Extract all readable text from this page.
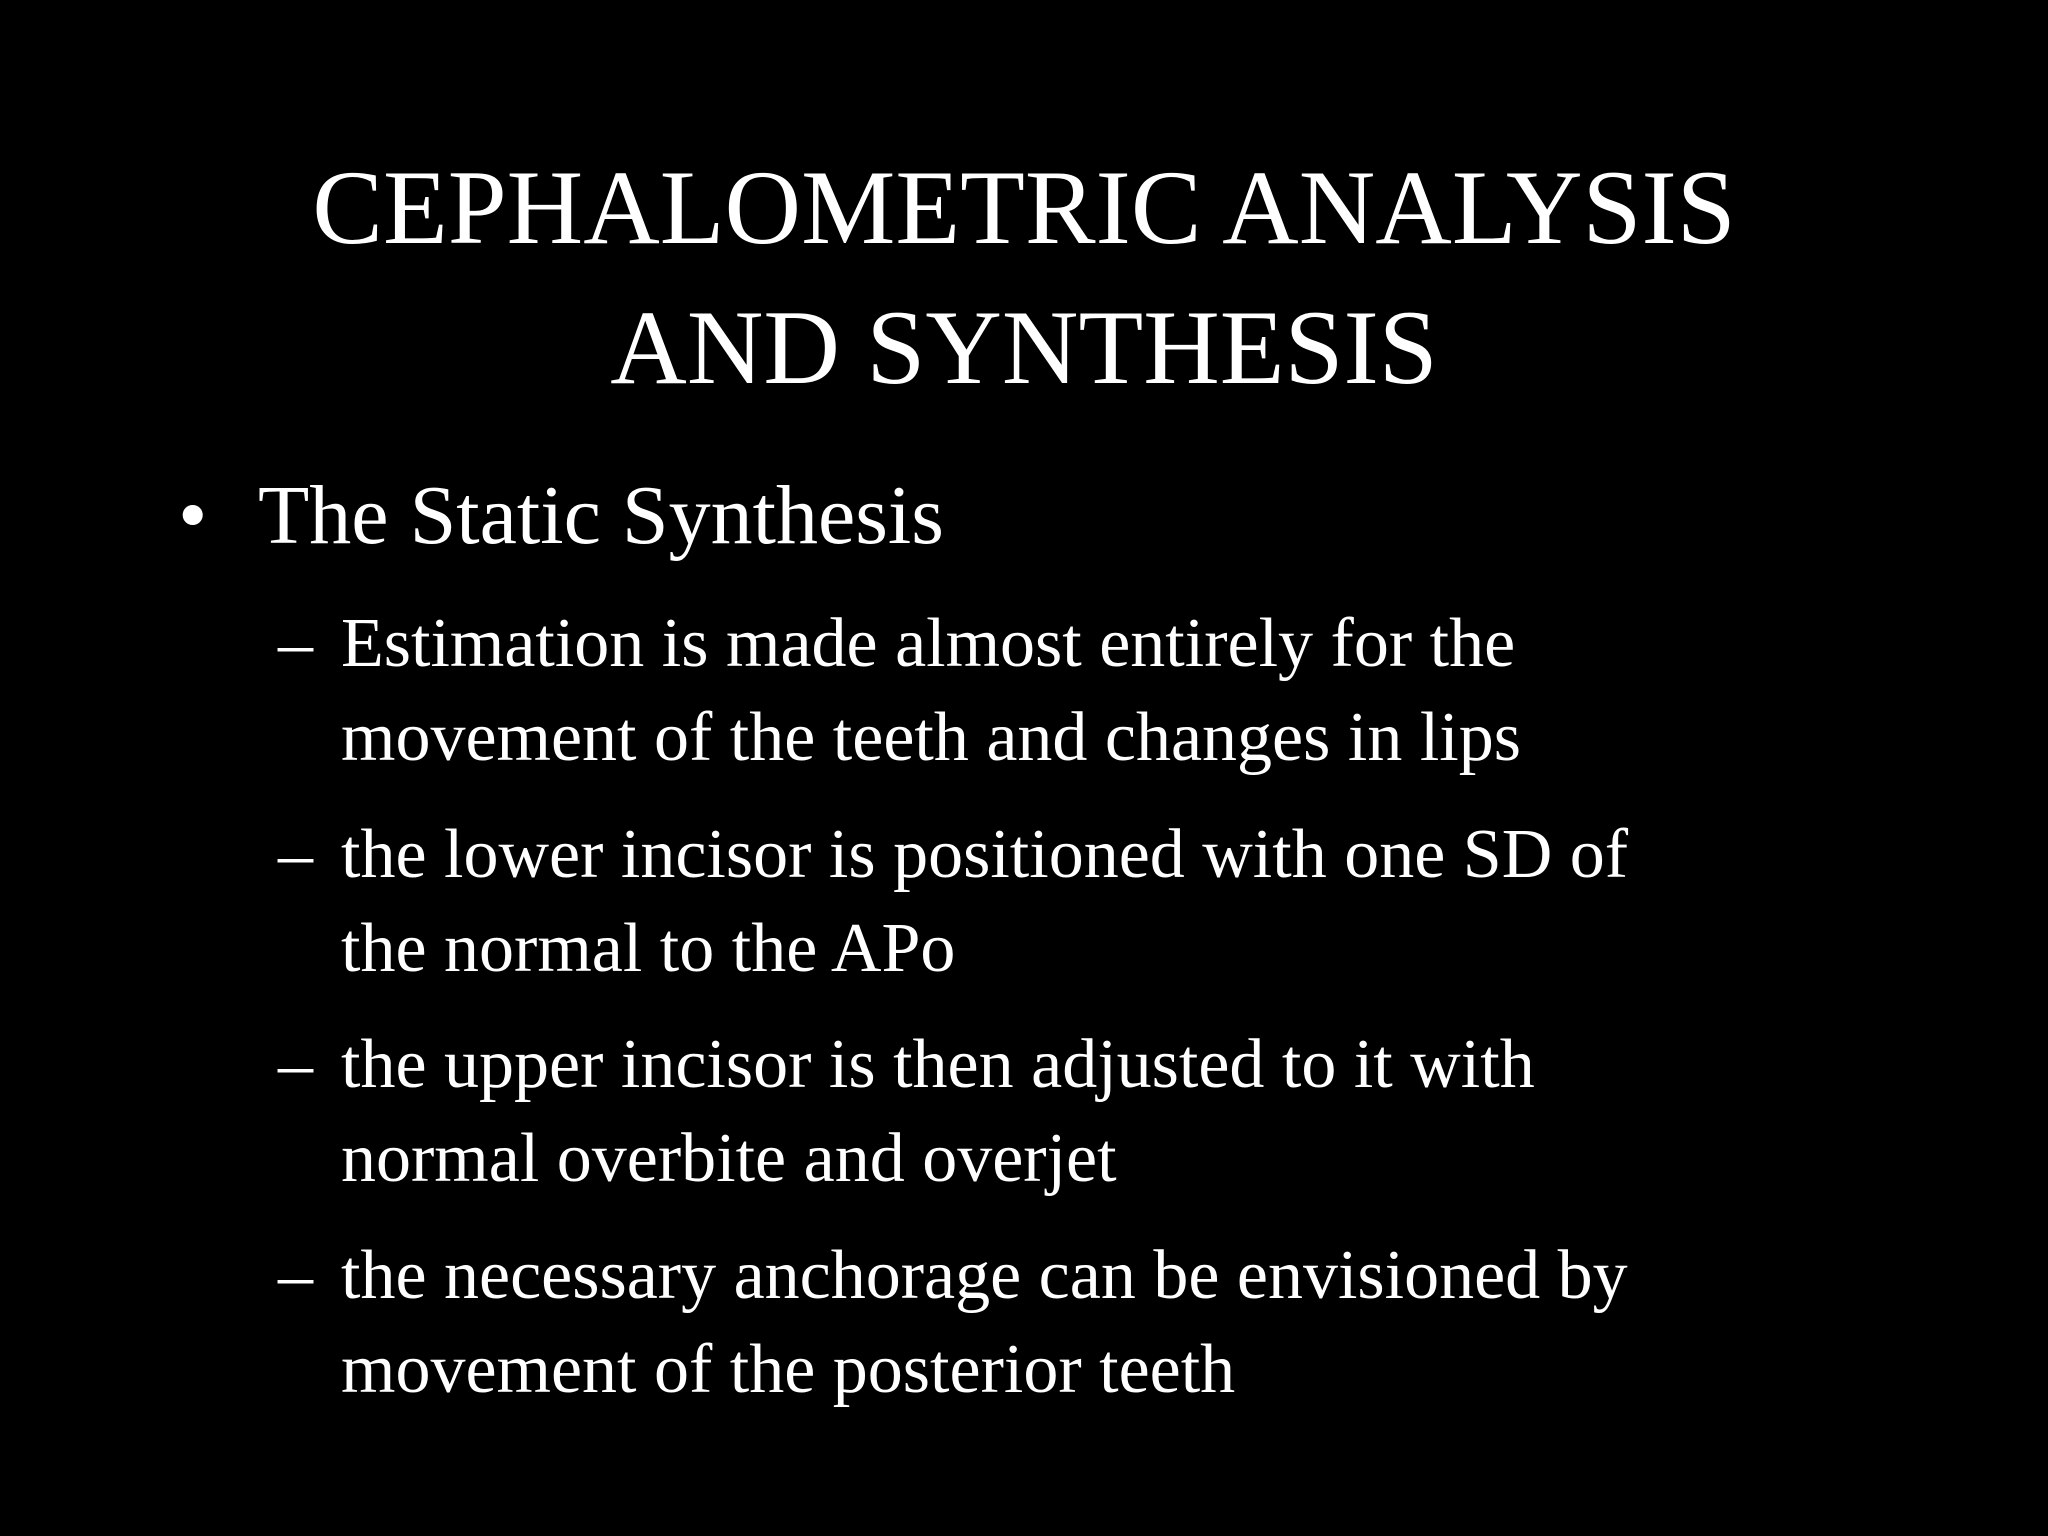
CEPHALOMETRIC ANALYSIS
AND SYNTHESIS
• The Static Synthesis
– Estimation is made almost entirely for the
movement of the teeth and changes in lips
– the lower incisor is positioned with one SD of
the normal to the APo
– the upper incisor is then adjusted to it with
normal overbite and overjet
– the necessary anchorage can be envisioned by
movement of the posterior teeth
